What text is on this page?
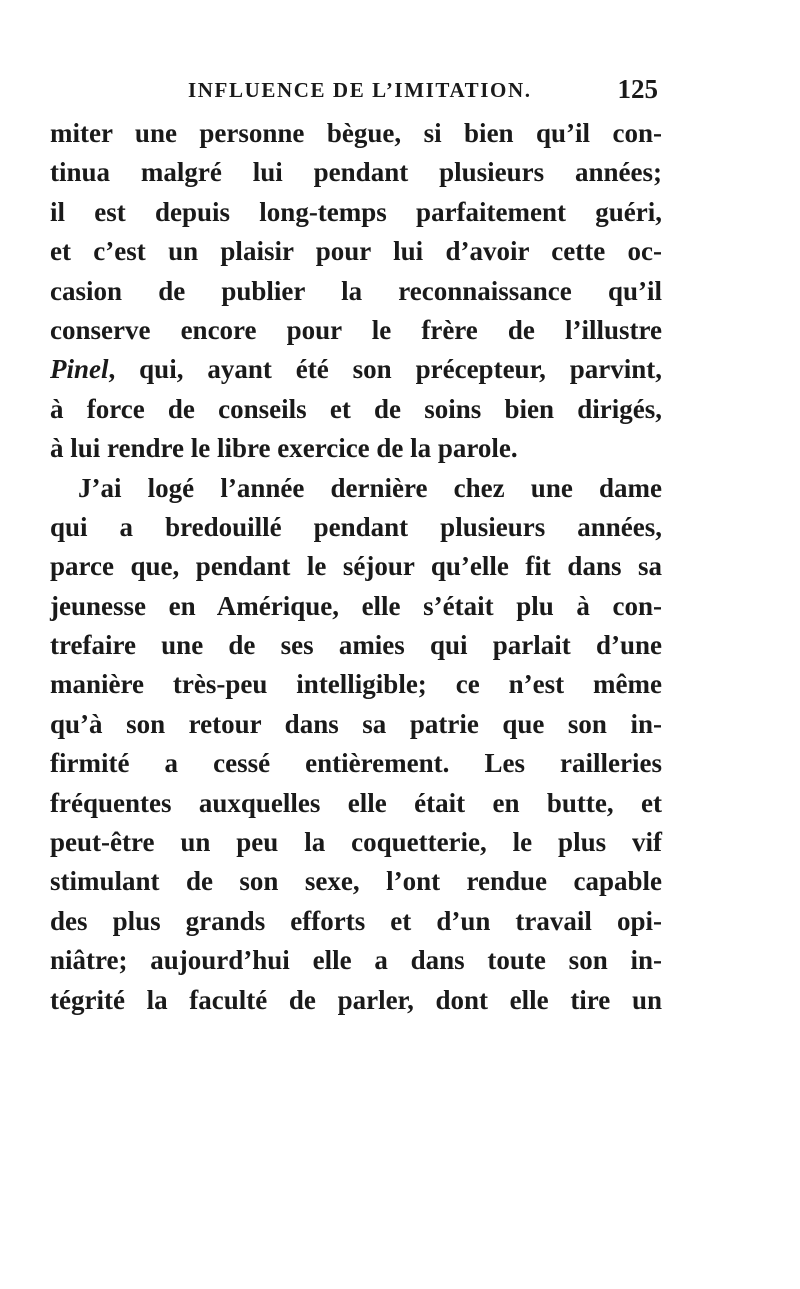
INFLUENCE DE L’IMITATION.	125
miter une personne bègue, si bien qu’il con-
tinua malgré lui pendant plusieurs années;
il est depuis long-temps parfaitement guéri,
et c’est un plaisir pour lui d’avoir cette oc-
casion de publier la reconnaissance qu’il
conserve encore pour le frère de l’illustre
Pinel, qui, ayant été son précepteur, parvint,
à force de conseils et de soins bien dirigés,
à lui rendre le libre exercice de la parole.
J’ai logé l’année dernière chez une dame
qui a bredouillé pendant plusieurs années,
parce que, pendant le séjour qu’elle fit dans sa
jeunesse en Amérique, elle s’était plu à con-
trefaire une de ses amies qui parlait d’une
manière très-peu intelligible; ce n’est même
qu’à son retour dans sa patrie que son in-
firmité a cessé entièrement. Les railleries
fréquentes auxquelles elle était en butte, et
peut-être un peu la coquetterie, le plus vif
stimulant de son sexe, l’ont rendue capable
des plus grands efforts et d’un travail opi-
niâtre; aujourd’hui elle a dans toute son in-
tégrité la faculté de parler, dont elle tire un
